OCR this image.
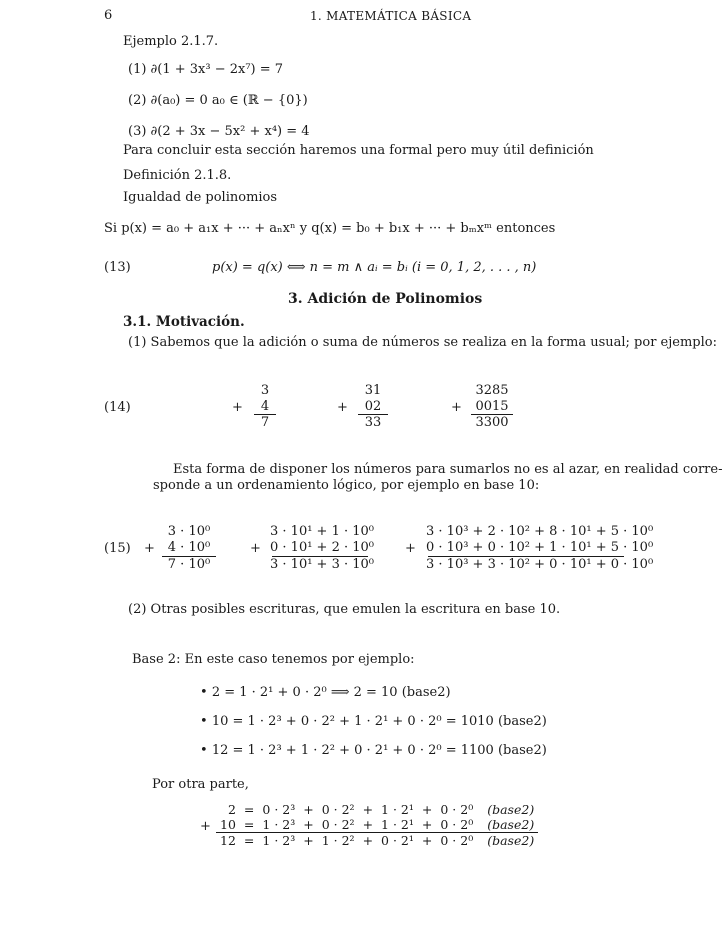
6	1. MATEMÁTICA BÁSICA
Ejemplo 2.1.7.
(1) ∂(1 + 3x³ − 2x⁷) = 7
(2) ∂(a₀) = 0 a₀ ∈ (ℝ − {0})
(3) ∂(2 + 3x − 5x² + x⁴) = 4
Para concluir esta sección haremos una formal pero muy útil definición
Definición 2.1.8.
Igualdad de polinomios
Si p(x) = a₀ + a₁x + ··· + aₙxⁿ y q(x) = b₀ + b₁x + ··· + bₘxᵐ entonces
(13)	p(x) = q(x) ⟺ n = m ∧ aᵢ = bᵢ (i = 0, 1, 2, . . . , n)
3. Adición de Polinomios
3.1. Motivación.
(1) Sabemos que la adición o suma de números se realiza en la forma usual; por ejemplo:
(14)	+
3
4
7
+
31
02
33
+
3285
0015
3300
Esta forma de disponer los números para sumarlos no es al azar, en realidad corre-
sponde a un ordenamiento lógico, por ejemplo en base 10:
(15) +
3 · 10⁰
4 · 10⁰
7 · 10⁰
+
3 · 10¹ + 1 · 10⁰
0 · 10¹ + 2 · 10⁰
3 · 10¹ + 3 · 10⁰
+
3 · 10³ + 2 · 10² + 8 · 10¹ + 5 · 10⁰
0 · 10³ + 0 · 10² + 1 · 10¹ + 5 · 10⁰
3 · 10³ + 3 · 10² + 0 · 10¹ + 0 · 10⁰
(2) Otras posibles escrituras, que emulen la escritura en base 10.
Base 2: En este caso tenemos por ejemplo:
• 2 = 1 · 2¹ + 0 · 2⁰ ⟹ 2 = 10 (base2)
• 10 = 1 · 2³ + 0 · 2² + 1 · 2¹ + 0 · 2⁰ = 1010 (base2)
• 12 = 1 · 2³ + 1 · 2² + 0 · 2¹ + 0 · 2⁰ = 1100 (base2)
Por otra parte,
+
2	=	0 · 2³	+	0 · 2²	+	1 · 2¹	+	0 · 2⁰	(base2)
10	=	1 · 2³	+	0 · 2²	+	1 · 2¹	+	0 · 2⁰	(base2)
12	=	1 · 2³	+	1 · 2²	+	0 · 2¹	+	0 · 2⁰	(base2)
